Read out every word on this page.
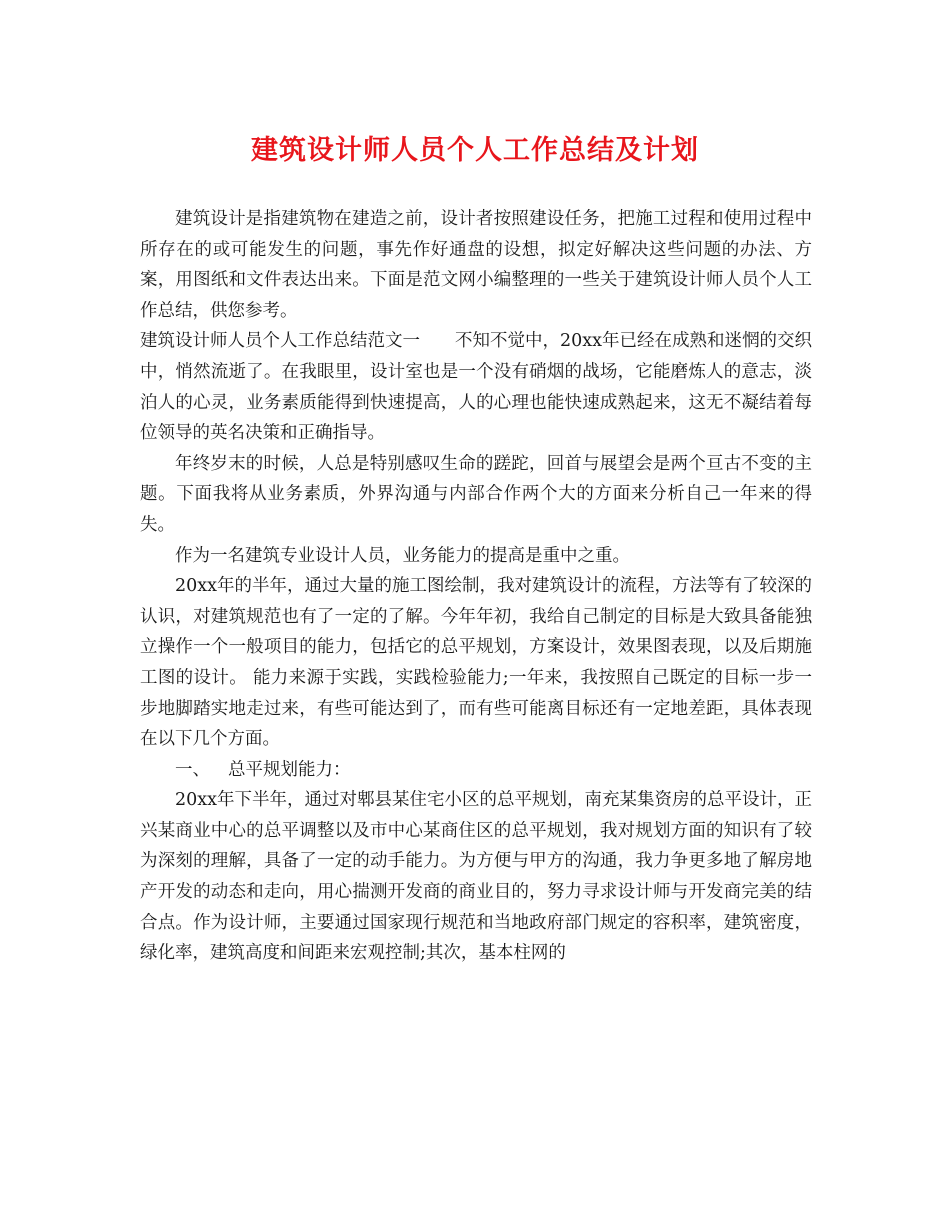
建筑设计师人员个人工作总结及计划

建筑设计是指建筑物在建造之前，设计者按照建设任务，把施工过程和使用过程中所存在的或可能发生的问题，事先作好通盘的设想，拟定好解决这些问题的办法、方案，用图纸和文件表达出来。下面是范文网小编整理的一些关于建筑设计师人员个人工作总结，供您参考。

建筑设计师人员个人工作总结范文一　　不知不觉中，20xx年已经在成熟和迷惘的交织中，悄然流逝了。在我眼里，设计室也是一个没有硝烟的战场，它能磨炼人的意志，淡泊人的心灵，业务素质能得到快速提高，人的心理也能快速成熟起来，这无不凝结着每位领导的英名决策和正确指导。

年终岁末的时候，人总是特别感叹生命的蹉跎，回首与展望会是两个亘古不变的主题。下面我将从业务素质，外界沟通与内部合作两个大的方面来分析自己一年来的得失。

作为一名建筑专业设计人员，业务能力的提高是重中之重。

20xx年的半年，通过大量的施工图绘制，我对建筑设计的流程，方法等有了较深的认识，对建筑规范也有了一定的了解。今年年初，我给自己制定的目标是大致具备能独立操作一个一般项目的能力，包括它的总平规划，方案设计，效果图表现，以及后期施工图的设计。 能力来源于实践，实践检验能力;一年来，我按照自己既定的目标一步一步地脚踏实地走过来，有些可能达到了，而有些可能离目标还有一定地差距，具体表现在以下几个方面。

一、 总平规划能力：

20xx年下半年，通过对郫县某住宅小区的总平规划，南充某集资房的总平设计，正兴某商业中心的总平调整以及市中心某商住区的总平规划，我对规划方面的知识有了较为深刻的理解，具备了一定的动手能力。为方便与甲方的沟通，我力争更多地了解房地产开发的动态和走向，用心揣测开发商的商业目的，努力寻求设计师与开发商完美的结合点。作为设计师，主要通过国家现行规范和当地政府部门规定的容积率，建筑密度，绿化率，建筑高度和间距来宏观控制;其次，基本柱网的
